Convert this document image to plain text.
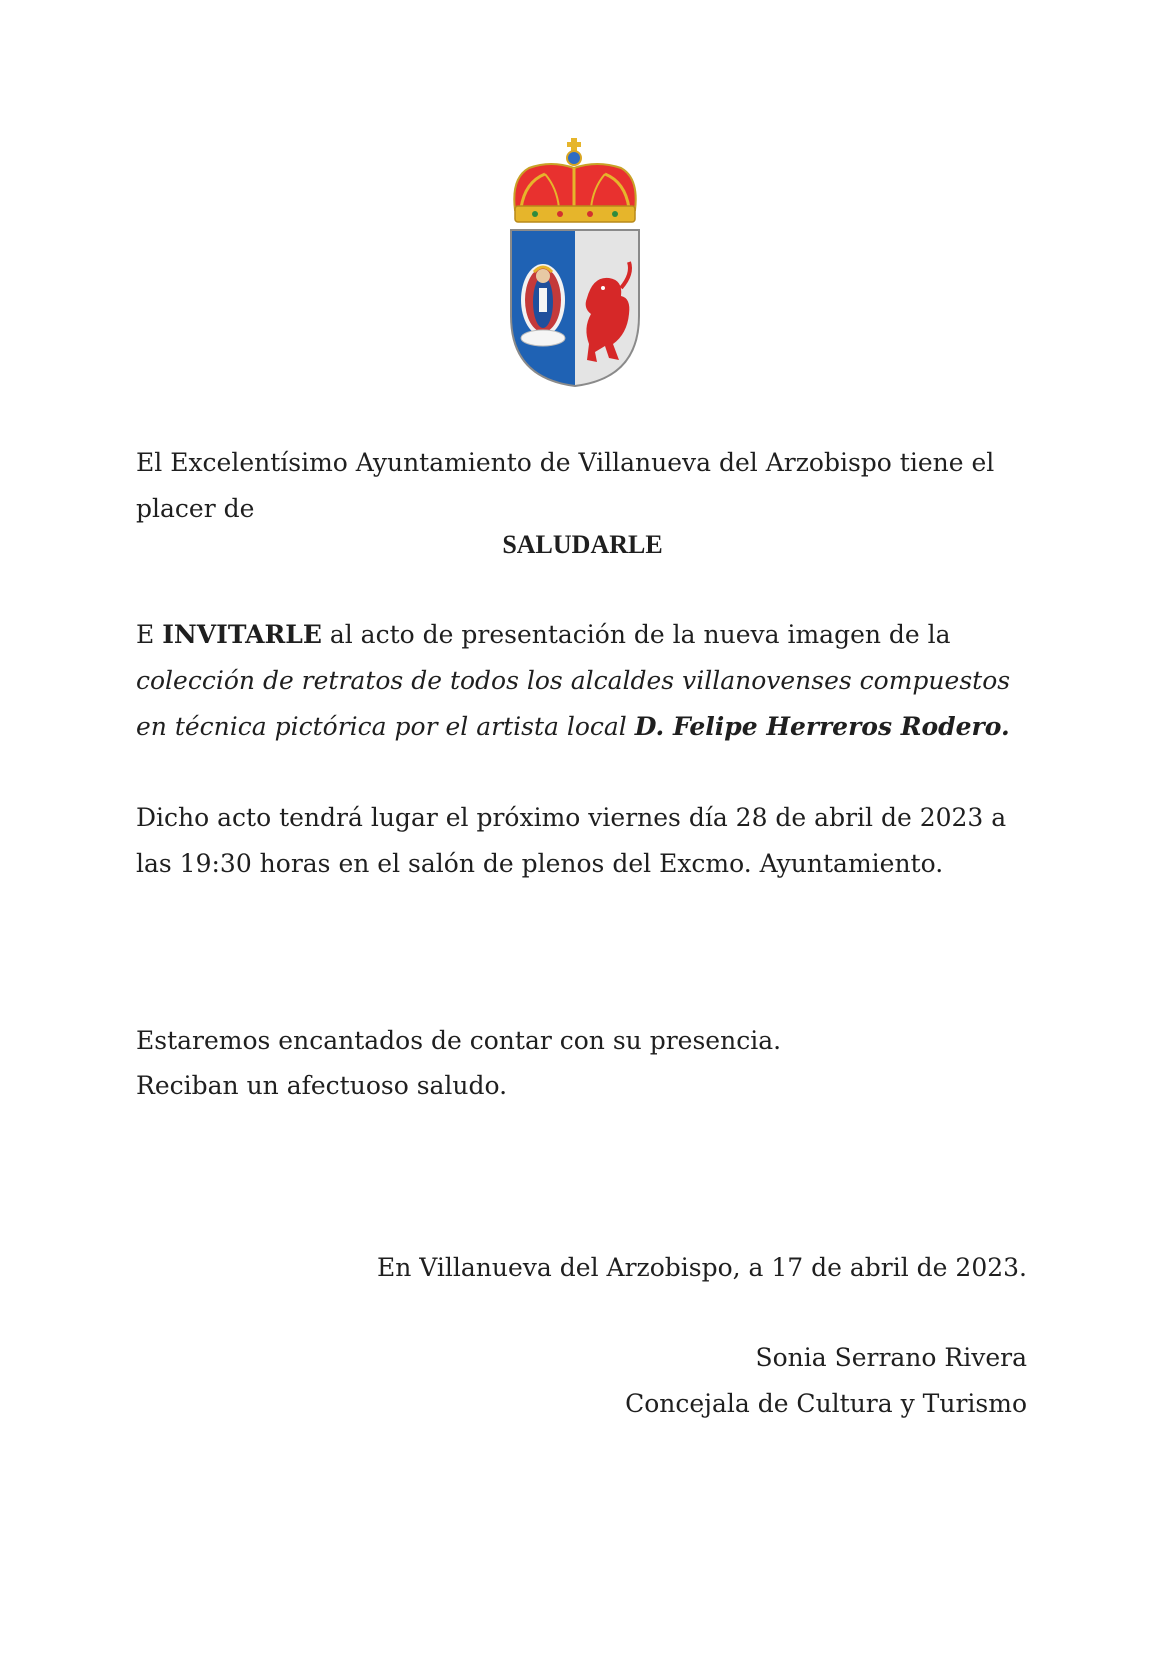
El Excelentísimo Ayuntamiento de Villanueva del Arzobispo tiene el placer de
SALUDARLE
E INVITARLE al acto de presentación de la nueva imagen de la colección de retratos de todos los alcaldes villanovenses compuestos en técnica pictórica por el artista local D. Felipe Herreros Rodero.
Dicho acto tendrá lugar el próximo viernes día 28 de abril de 2023 a las 19:30 horas en el salón de plenos del Excmo. Ayuntamiento.
Estaremos encantados de contar con su presencia.
Reciban un afectuoso saludo.
En Villanueva del Arzobispo, a 17 de abril de 2023.
Sonia Serrano Rivera
Concejala de Cultura y Turismo
